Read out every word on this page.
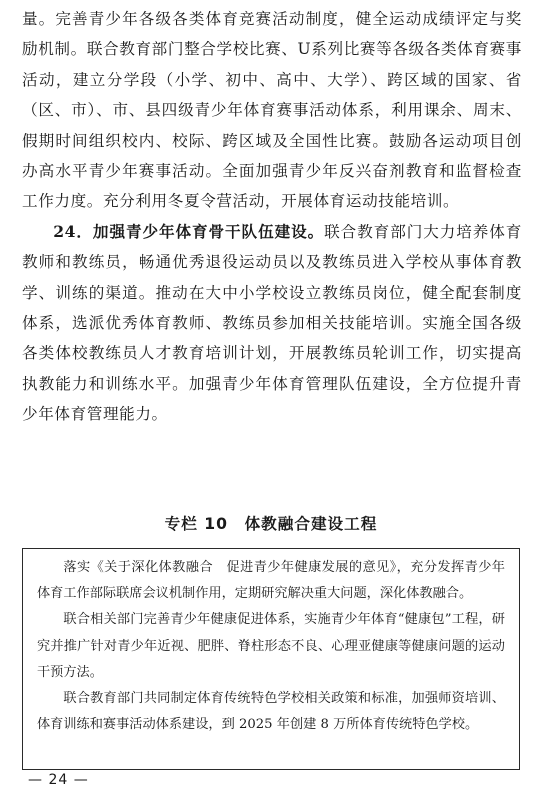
量。完善青少年各级各类体育竞赛活动制度，健全运动成绩评定与奖励机制。联合教育部门整合学校比赛、U系列比赛等各级各类体育赛事活动，建立分学段（小学、初中、高中、大学）、跨区域的国家、省（区、市）、市、县四级青少年体育赛事活动体系，利用课余、周末、假期时间组织校内、校际、跨区域及全国性比赛。鼓励各运动项目创办高水平青少年赛事活动。全面加强青少年反兴奋剂教育和监督检查工作力度。充分利用冬夏令营活动，开展体育运动技能培训。

24．加强青少年体育骨干队伍建设。联合教育部门大力培养体育教师和教练员，畅通优秀退役运动员以及教练员进入学校从事体育教学、训练的渠道。推动在大中小学校设立教练员岗位，健全配套制度体系，选派优秀体育教师、教练员参加相关技能培训。实施全国各级各类体校教练员人才教育培训计划，开展教练员轮训工作，切实提高执教能力和训练水平。加强青少年体育管理队伍建设，全方位提升青少年体育管理能力。

专栏 10　体教融合建设工程

落实《关于深化体教融合　促进青少年健康发展的意见》，充分发挥青少年体育工作部际联席会议机制作用，定期研究解决重大问题，深化体教融合。

联合相关部门完善青少年健康促进体系，实施青少年体育“健康包”工程，研究并推广针对青少年近视、肥胖、脊柱形态不良、心理亚健康等健康问题的运动干预方法。

联合教育部门共同制定体育传统特色学校相关政策和标准，加强师资培训、体育训练和赛事活动体系建设，到 2025 年创建 8 万所体育传统特色学校。

— 24 —
